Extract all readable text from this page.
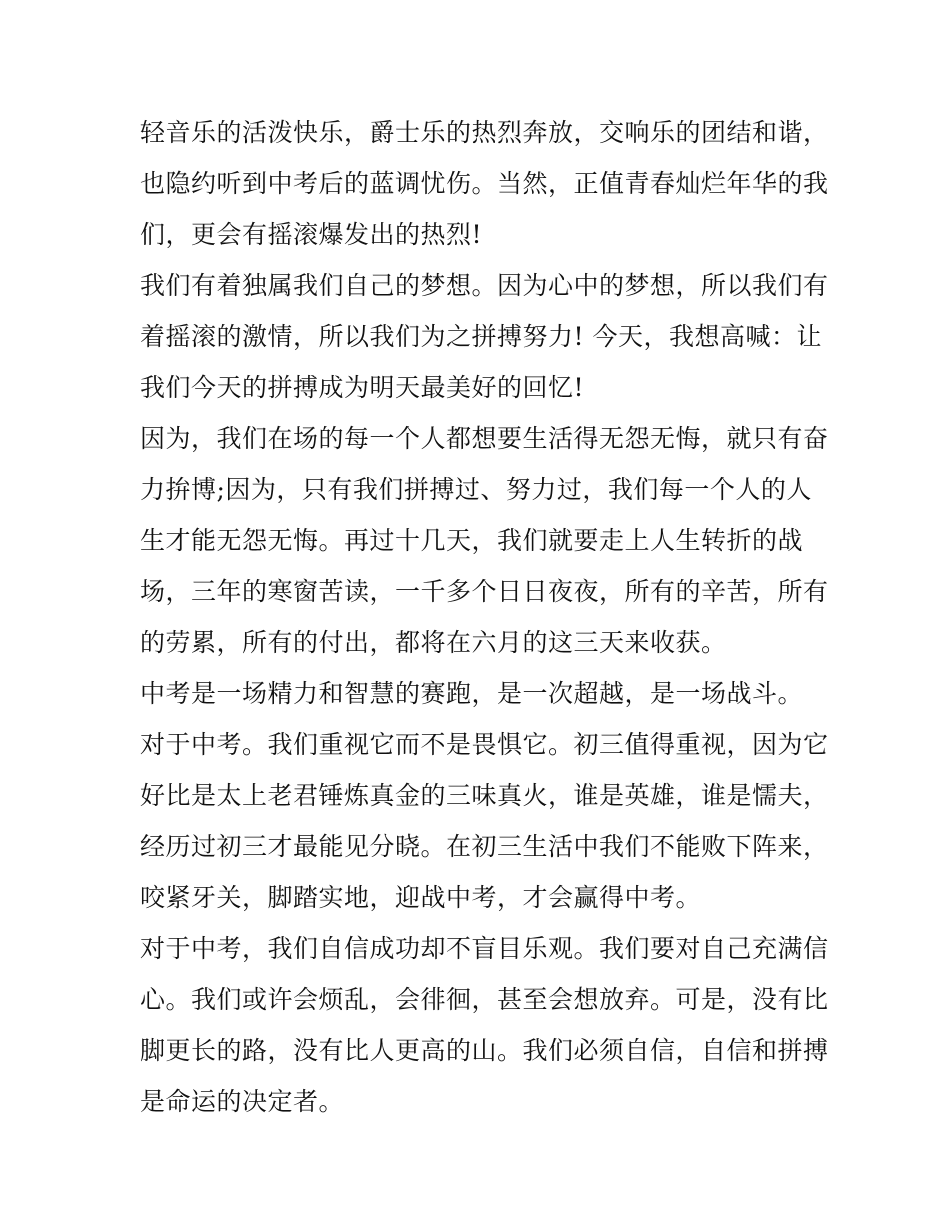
轻音乐的活泼快乐，爵士乐的热烈奔放，交响乐的团结和谐，
也隐约听到中考后的蓝调忧伤。当然，正值青春灿烂年华的我
们，更会有摇滚爆发出的热烈!
我们有着独属我们自己的梦想。因为心中的梦想，所以我们有
着摇滚的激情，所以我们为之拼搏努力! 今天，我想高喊：让
我们今天的拼搏成为明天最美好的回忆!
因为，我们在场的每一个人都想要生活得无怨无悔，就只有奋
力拚博;因为，只有我们拼搏过、努力过，我们每一个人的人
生才能无怨无悔。再过十几天，我们就要走上人生转折的战
场，三年的寒窗苦读，一千多个日日夜夜，所有的辛苦，所有
的劳累，所有的付出，都将在六月的这三天来收获。
中考是一场精力和智慧的赛跑，是一次超越，是一场战斗。
对于中考。我们重视它而不是畏惧它。初三值得重视，因为它
好比是太上老君锤炼真金的三味真火，谁是英雄，谁是懦夫，
经历过初三才最能见分晓。在初三生活中我们不能败下阵来，
咬紧牙关，脚踏实地，迎战中考，才会赢得中考。
对于中考，我们自信成功却不盲目乐观。我们要对自己充满信
心。我们或许会烦乱，会徘徊，甚至会想放弃。可是，没有比
脚更长的路，没有比人更高的山。我们必须自信，自信和拼搏
是命运的决定者。
